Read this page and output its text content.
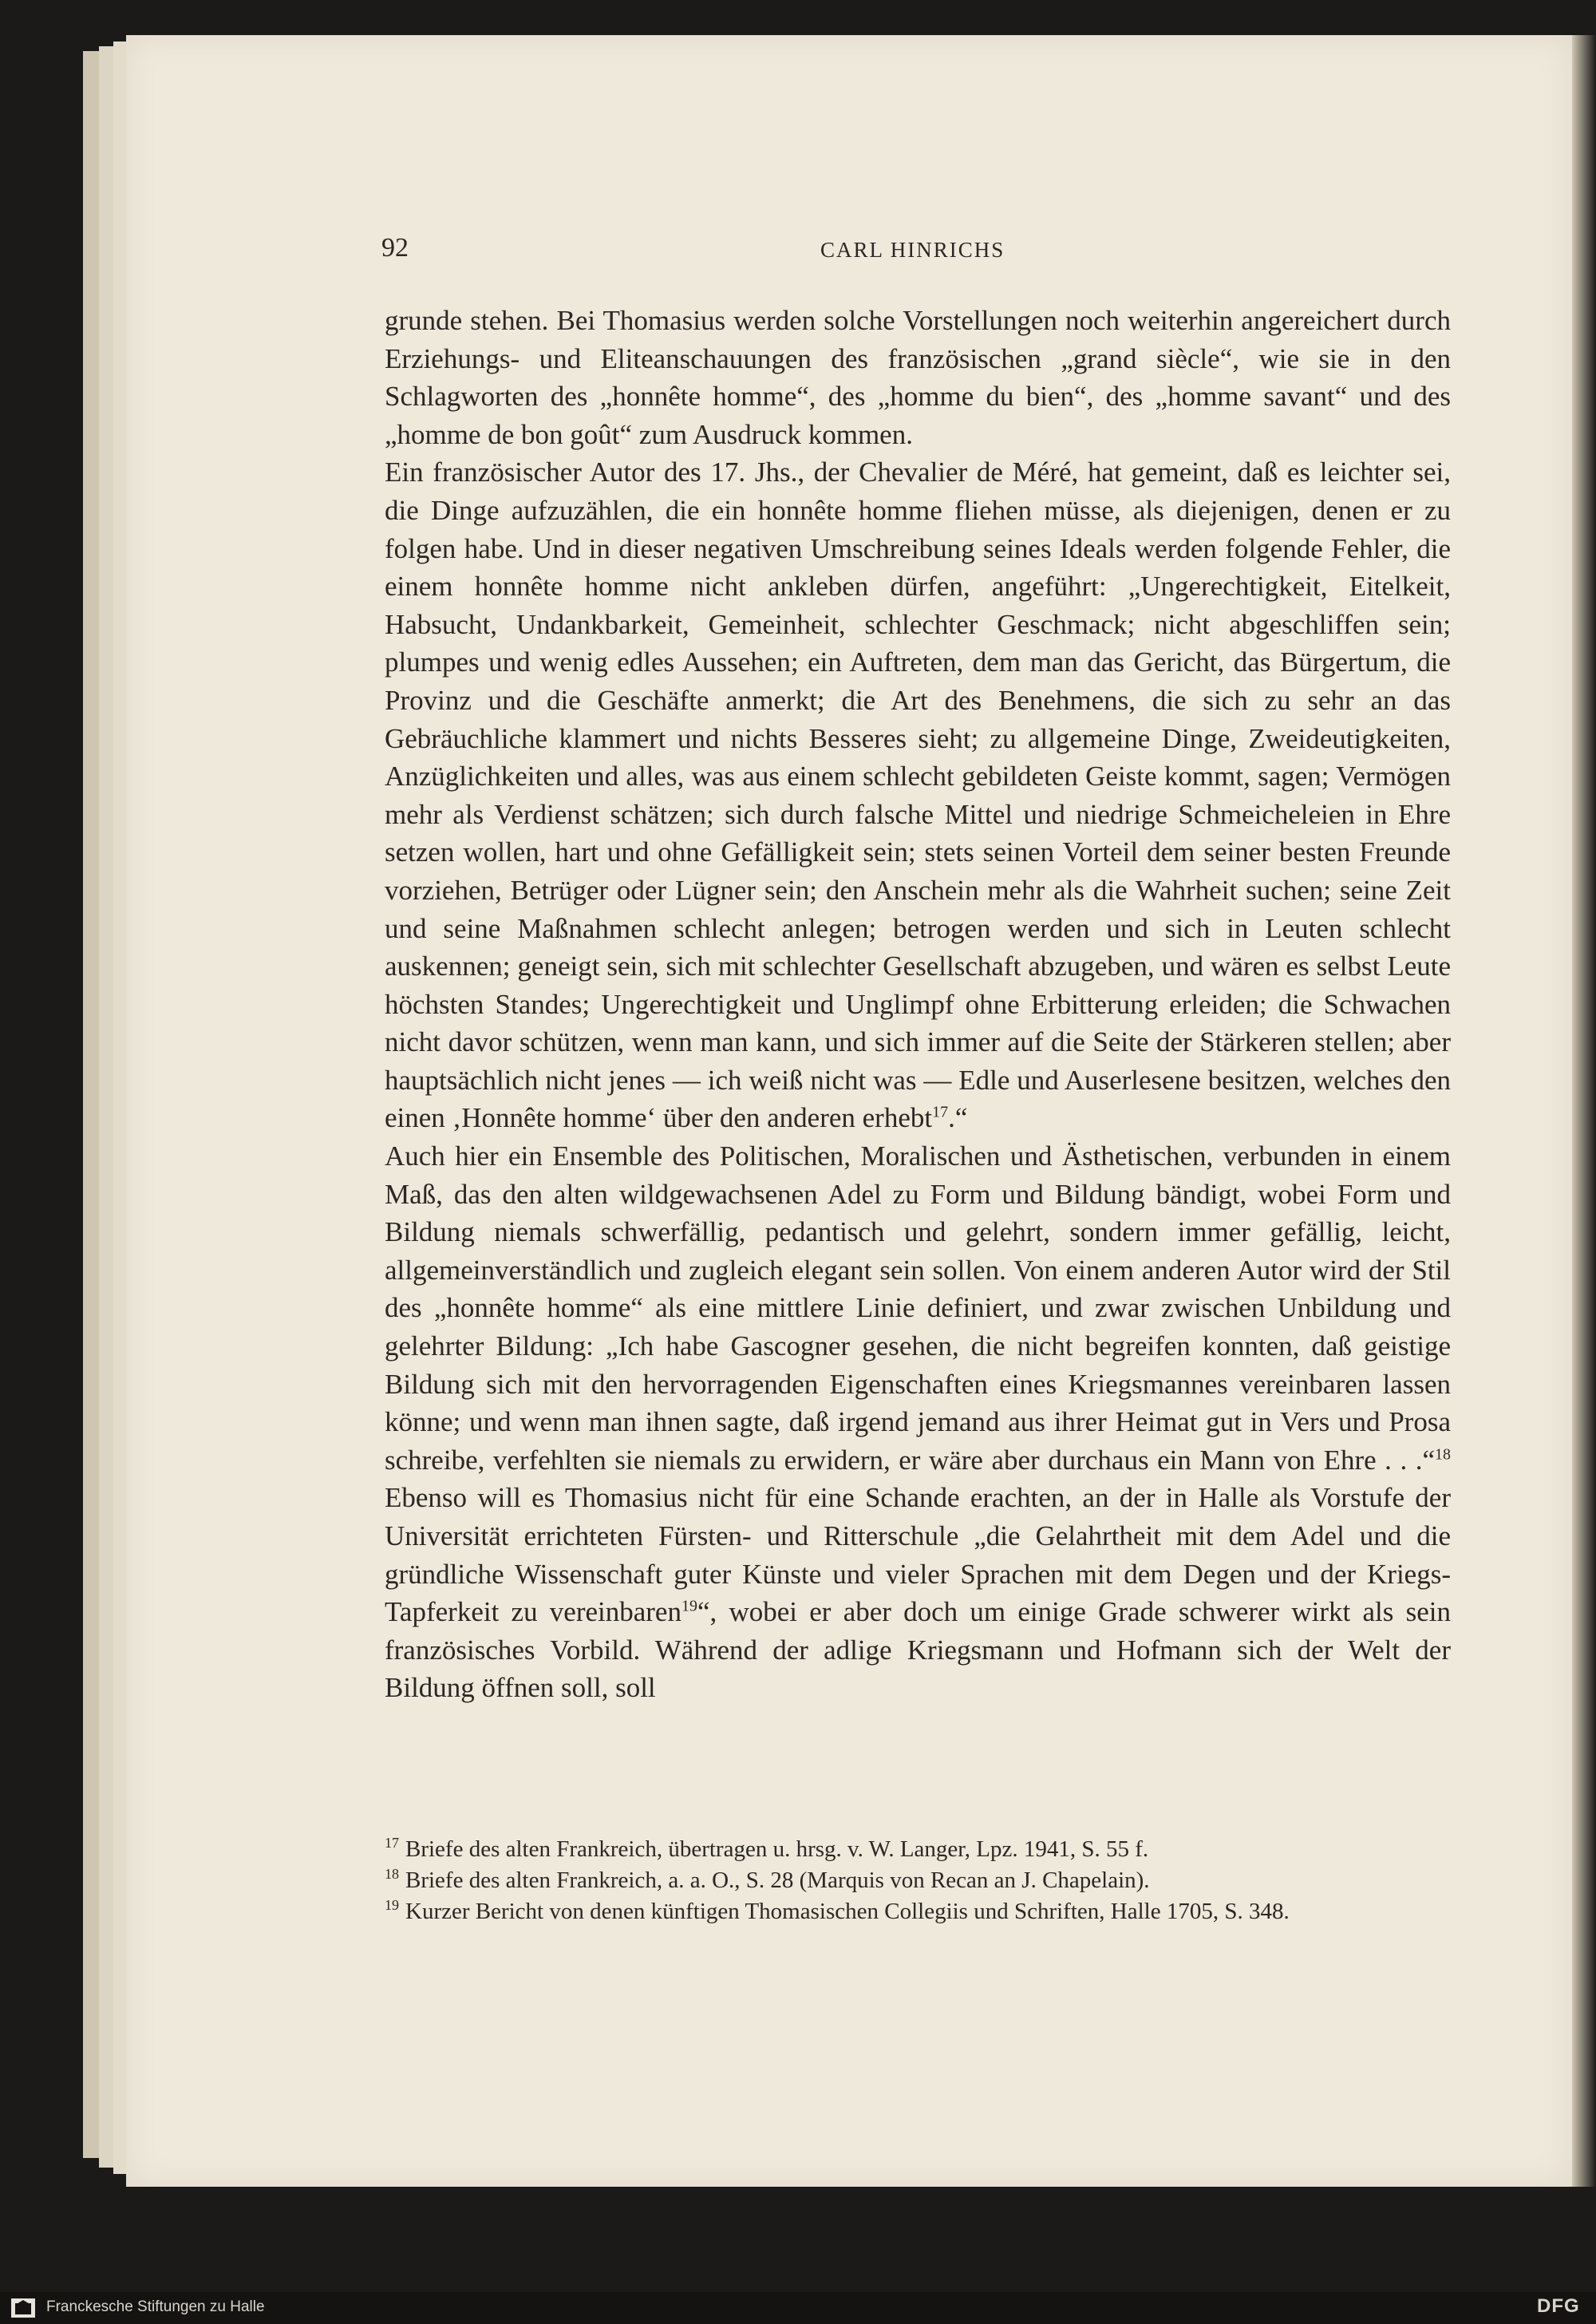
92	CARL HINRICHS

grunde stehen. Bei Thomasius werden solche Vorstellungen noch weiterhin angereichert durch Erziehungs- und Eliteanschauungen des französischen „grand siècle“, wie sie in den Schlagworten des „honnête homme“, des „homme du bien“, des „homme savant“ und des „homme de bon goût“ zum Ausdruck kommen.

Ein französischer Autor des 17. Jhs., der Chevalier de Méré, hat gemeint, daß es leichter sei, die Dinge aufzuzählen, die ein honnête homme fliehen müsse, als diejenigen, denen er zu folgen habe. Und in dieser negativen Umschreibung seines Ideals werden folgende Fehler, die einem honnête homme nicht ankleben dürfen, angeführt: „Ungerechtigkeit, Eitelkeit, Habsucht, Undankbarkeit, Gemeinheit, schlechter Geschmack; nicht abgeschliffen sein; plumpes und wenig edles Aussehen; ein Auftreten, dem man das Gericht, das Bürgertum, die Provinz und die Geschäfte anmerkt; die Art des Benehmens, die sich zu sehr an das Gebräuchliche klammert und nichts Besseres sieht; zu allgemeine Dinge, Zweideutigkeiten, Anzüglichkeiten und alles, was aus einem schlecht gebildeten Geiste kommt, sagen; Vermögen mehr als Verdienst schätzen; sich durch falsche Mittel und niedrige Schmeicheleien in Ehre setzen wollen, hart und ohne Gefälligkeit sein; stets seinen Vorteil dem seiner besten Freunde vorziehen, Betrüger oder Lügner sein; den Anschein mehr als die Wahrheit suchen; seine Zeit und seine Maßnahmen schlecht anlegen; betrogen werden und sich in Leuten schlecht auskennen; geneigt sein, sich mit schlechter Gesellschaft abzugeben, und wären es selbst Leute höchsten Standes; Ungerechtigkeit und Unglimpf ohne Erbitterung erleiden; die Schwachen nicht davor schützen, wenn man kann, und sich immer auf die Seite der Stärkeren stellen; aber hauptsächlich nicht jenes — ich weiß nicht was — Edle und Auserlesene besitzen, welches den einen ‚Honnête homme‘ über den anderen erhebt$^{17}$.“

Auch hier ein Ensemble des Politischen, Moralischen und Ästhetischen, verbunden in einem Maß, das den alten wildgewachsenen Adel zu Form und Bildung bändigt, wobei Form und Bildung niemals schwerfällig, pedantisch und gelehrt, sondern immer gefällig, leicht, allgemeinverständlich und zugleich elegant sein sollen. Von einem anderen Autor wird der Stil des „honnête homme“ als eine mittlere Linie definiert, und zwar zwischen Unbildung und gelehrter Bildung: „Ich habe Gascogner gesehen, die nicht begreifen konnten, daß geistige Bildung sich mit den hervorragenden Eigenschaften eines Kriegsmannes vereinbaren lassen könne; und wenn man ihnen sagte, daß irgend jemand aus ihrer Heimat gut in Vers und Prosa schreibe, verfehlten sie niemals zu erwidern, er wäre aber durchaus ein Mann von Ehre . . .“$^{18}$ Ebenso will es Thomasius nicht für eine Schande erachten, an der in Halle als Vorstufe der Universität errichteten Fürsten- und Ritterschule „die Gelahrtheit mit dem Adel und die gründliche Wissenschaft guter Künste und vieler Sprachen mit dem Degen und der Kriegs-Tapferkeit zu vereinbaren$^{19}$“, wobei er aber doch um einige Grade schwerer wirkt als sein französisches Vorbild. Während der adlige Kriegsmann und Hofmann sich der Welt der Bildung öffnen soll, soll

$^{17}$ Briefe des alten Frankreich, übertragen u. hrsg. v. W. Langer, Lpz. 1941, S. 55 f.

$^{18}$ Briefe des alten Frankreich, a. a. O., S. 28 (Marquis von Recan an J. Chapelain).

$^{19}$ Kurzer Bericht von denen künftigen Thomasischen Collegiis und Schriften, Halle 1705, S. 348.

Franckesche Stiftungen zu Halle	DFG
